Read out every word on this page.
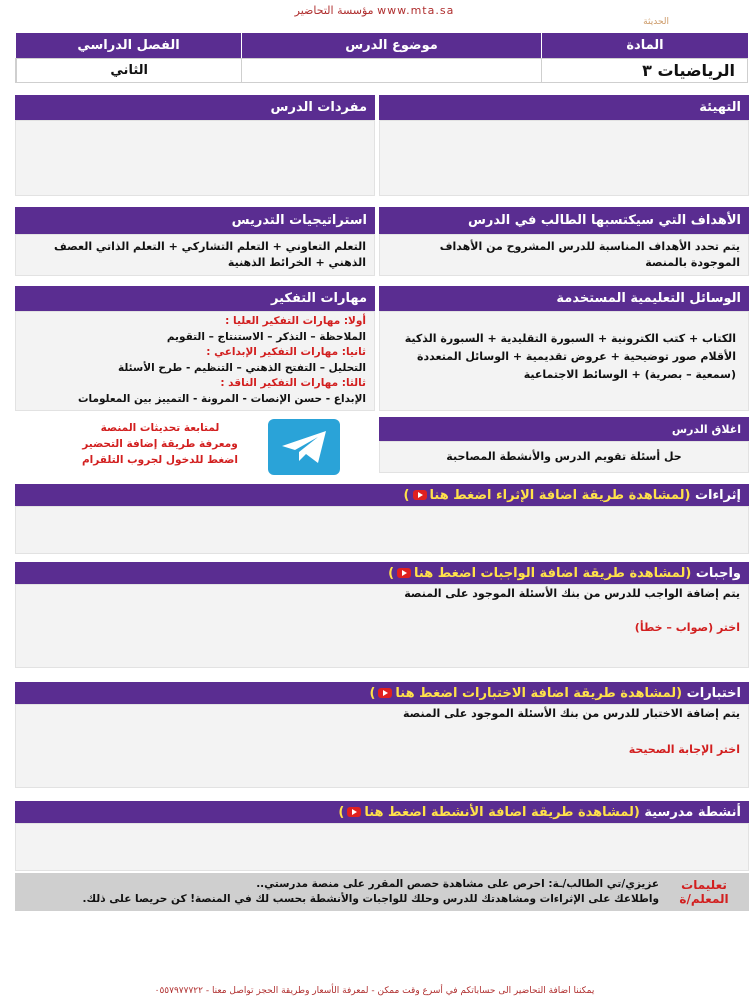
مؤسسة التحاضير www.mta.sa
الحديثة
المادة
موضوع الدرس
الفصل الدراسي
الرياضيات ٣
الثاني
التهيئة
مفردات الدرس
الأهداف التي سيكتسبها الطالب في الدرس
يتم تحدد الأهداف المناسبة للدرس المشروح من الأهداف الموجودة بالمنصة
استراتيجيات التدريس
التعلم التعاوني + التعلم التشاركي + التعلم الذاتي العصف الذهني + الخرائط الذهنية
الوسائل التعليمية المستخدمة
الكتاب + كتب الكترونية + السبورة التقليدية + السبورة الذكية الأقلام صور توضيحية + عروض تقديمية + الوسائل المتعددة (سمعية – بصرية) + الوسائط الاجتماعية
مهارات التفكير
أولا: مهارات التفكير العليا :
الملاحظة – التذكر – الاستنتاج – التقويم
ثانيا: مهارات التفكير الإبداعي :
التحليل – التفتح الذهني – التنظيم - طرح الأسئلة
ثالثا: مهارات التفكير الناقد :
الإبداع - حسن الإنصات - المرونة - التمييز بين المعلومات
اغلاق الدرس
حل أسئلة تقويم الدرس والأنشطة المصاحبة
لمتابعة تحديثات المنصة
ومعرفة طريقة إضافة التحضير
اضغط للدخول لجروب التلقرام
إثراءات

(لمشاهدة طريقة اضافة الإثراء اضغط هنا
)
واجبات

(لمشاهدة طريقة اضافة الواجبات اضغط هنا
)
يتم إضافة الواجب للدرس من بنك الأسئلة الموجود على المنصة
اختر (صواب – خطأ)
اختبارات

(لمشاهدة طريقة اضافة الاختبارات اضغط هنا
)
يتم إضافة الاختبار للدرس من بنك الأسئلة الموجود على المنصة
اختر الإجابة الصحيحة
أنشطة مدرسية

(لمشاهدة طريقة اضافة الأنشطة اضغط هنا
)
تعليمات المعلم/ة
عزيزي/تي الطالب/ـة: احرص على مشاهدة حصص المقرر على منصة مدرستي..
واطلاعك على الإثراءات ومشاهدتك للدرس وحلك للواجبات والأنشطة بحسب لك في المنصة! كن حريصا على ذلك.
يمكننا اضافة التحاضير الى حساباتكم في أسرع وقت ممكن - لمعرفة الأسعار وطريقة الحجز تواصل معنا - ٠٥٥٧٩٧٧٧٢٢
